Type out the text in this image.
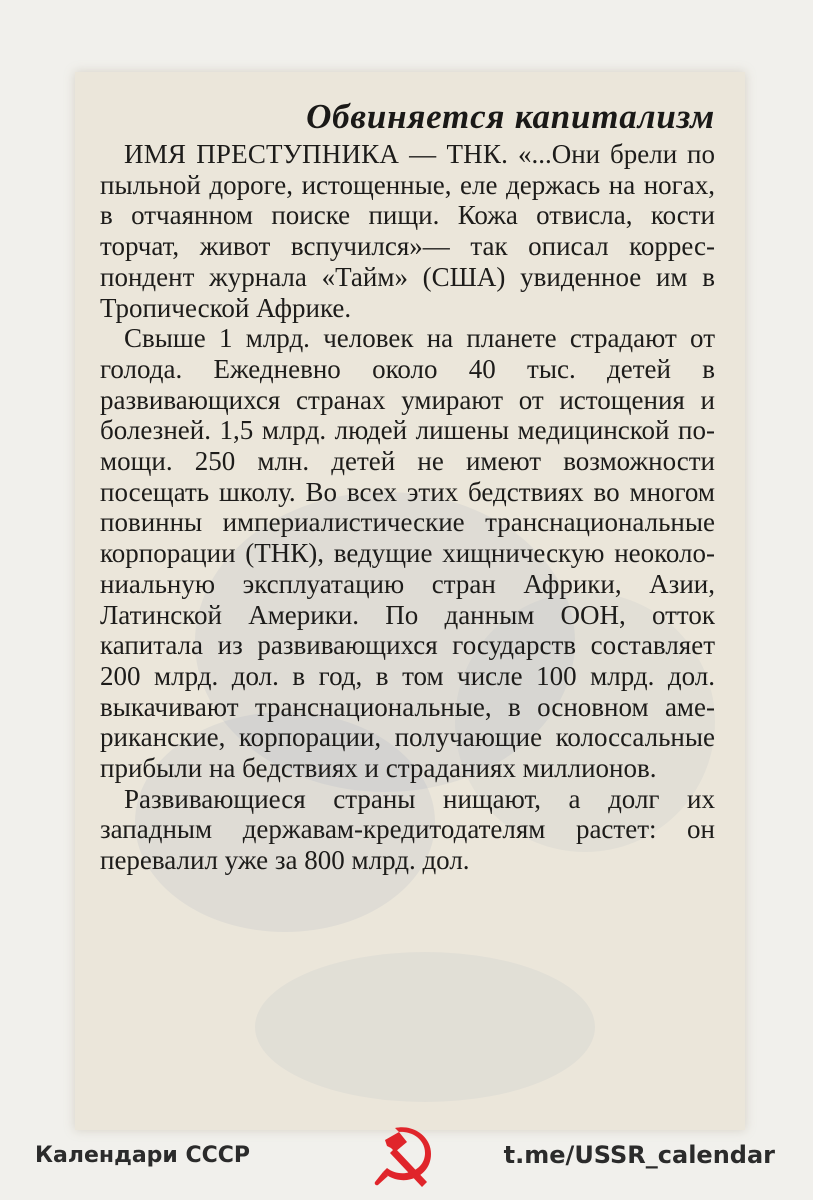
Обвиняется капитализм

ИМЯ ПРЕСТУПНИКА — ТНК. «...Они брели по пыльной дороге, истощенные, еле держась на ногах, в отчаянном поиске пищи. Кожа отвисла, кости торчат, живот вспучился»— так описал корреспондент журнала «Тайм» (США) увиденное им в Тропической Африке.

Свыше 1 млрд. человек на планете страдают от голода. Ежедневно около 40 тыс. детей в развивающихся странах умирают от истощения и болезней. 1,5 млрд. людей лишены медицинской помощи. 250 млн. детей не имеют возможности посещать школу. Во всех этих бедствиях во многом повинны империалистические транснациональные корпорации (ТНК), ведущие хищническую неоколониальную эксплуатацию стран Африки, Азии, Латинской Америки. По данным ООН, отток капитала из развивающихся государств составляет 200 млрд. дол. в год, в том числе 100 млрд. дол. выкачивают транснациональные, в основном американские, корпорации, получающие колоссальные прибыли на бедствиях и страданиях миллионов.

Развивающиеся страны нищают, а долг их западным державам-кредитодателям растет: он перевалил уже за 800 млрд. дол.

Календари СССР	t.me/USSR_calendar
